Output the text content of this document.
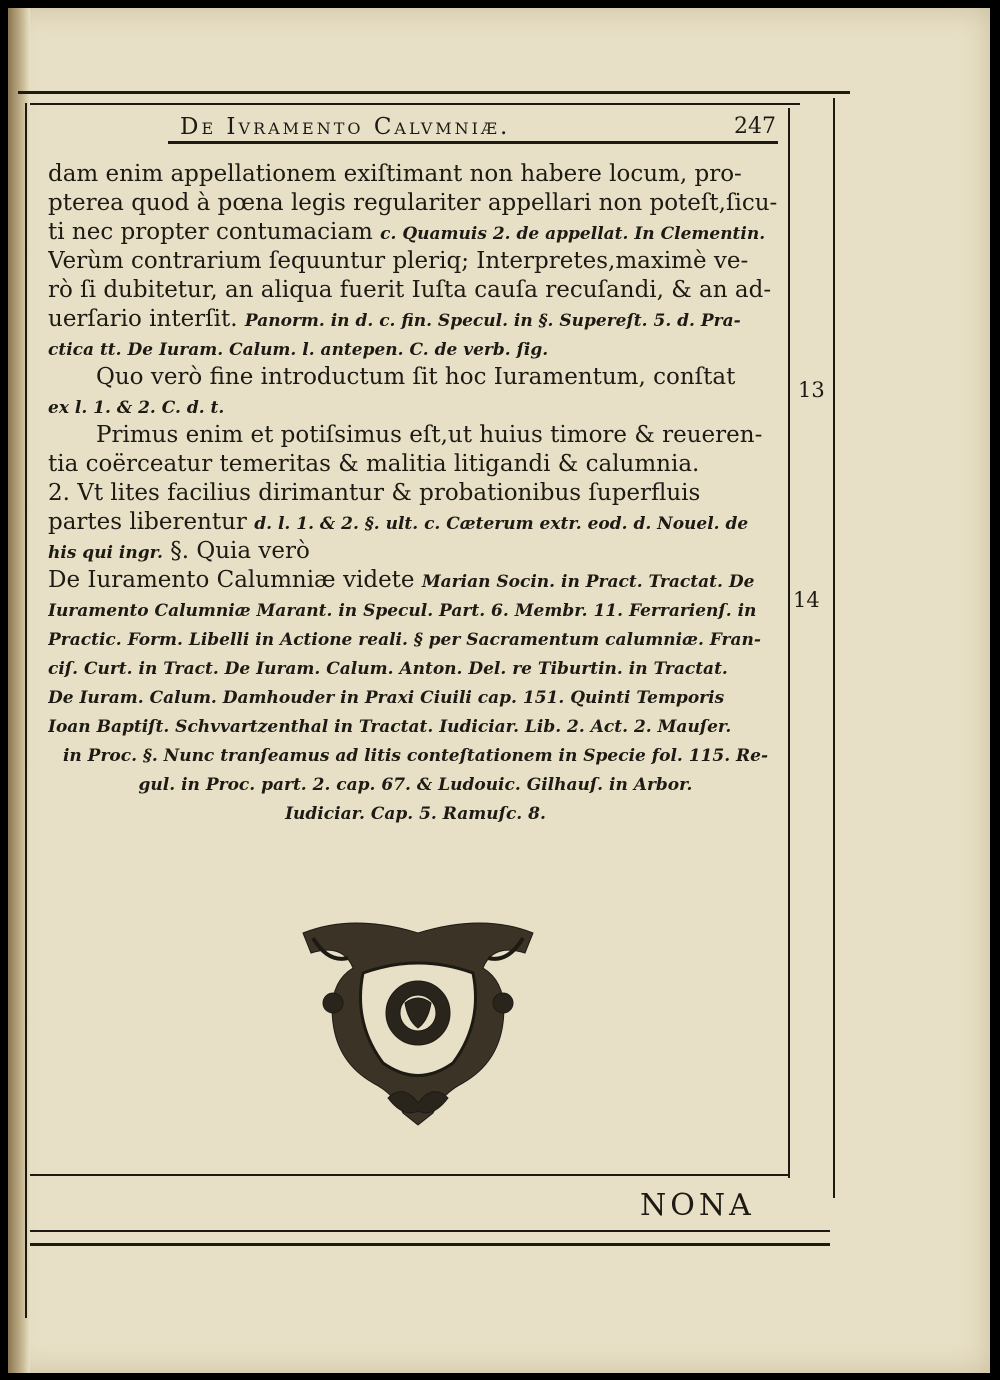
De Ivramento Calvmniæ.	247
dam enim appellationem exiſtimant non habere locum, pro-
pterea quod à pœna legis regulariter appellari non poteſt,ſicu-
ti nec propter contumaciam c. Quamuis 2. de appellat. In Clementin.
Verùm contrarium ſequuntur pleriq; Interpretes,maximè ve-
rò ſi dubitetur, an aliqua fuerit Iuſta cauſa recuſandi, & an ad-
uerſario interſit. Panorm. in d. c. fin. Specul. in §. Supereſt. 5. d. Pra-
ctica tt. De Iuram. Calum. l. antepen. C. de verb. ſig.
Quo verò fine introductum ſit hoc Iuramentum, conſtat
ex l. 1. & 2. C. d. t.
Primus enim et potiſsimus eſt,ut huius timore & reueren-
tia coërceatur temeritas & malitia litigandi & calumnia.
2. Vt lites facilius dirimantur & probationibus ſuperfluis
partes liberentur d. l. 1. & 2. §. ult. c. Cæterum extr. eod. d. Nouel. de
his qui ingr. §. Quia verò
De Iuramento Calumniæ videte Marian Socin. in Pract. Tractat. De
Iuramento Calumniæ Marant. in Specul. Part. 6. Membr. 11. Ferrarienſ. in
Practic. Form. Libelli in Actione reali. § per Sacramentum calumniæ. Fran-
ciſ. Curt. in Tract. De Iuram. Calum. Anton. Del. re Tiburtin. in Tractat.
De Iuram. Calum. Damhouder in Praxi Ciuili cap. 151. Quinti Temporis
Ioan Baptiſt. Schvvartzenthal in Tractat. Iudiciar. Lib. 2. Act. 2. Mauſer.
in Proc. §. Nunc tranſeamus ad litis conteſtationem in Specie fol. 115. Re-
gul. in Proc. part. 2. cap. 67. & Ludouic. Gilhauſ. in Arbor.
Iudiciar. Cap. 5. Ramuſc. 8.
13
14
NONA
